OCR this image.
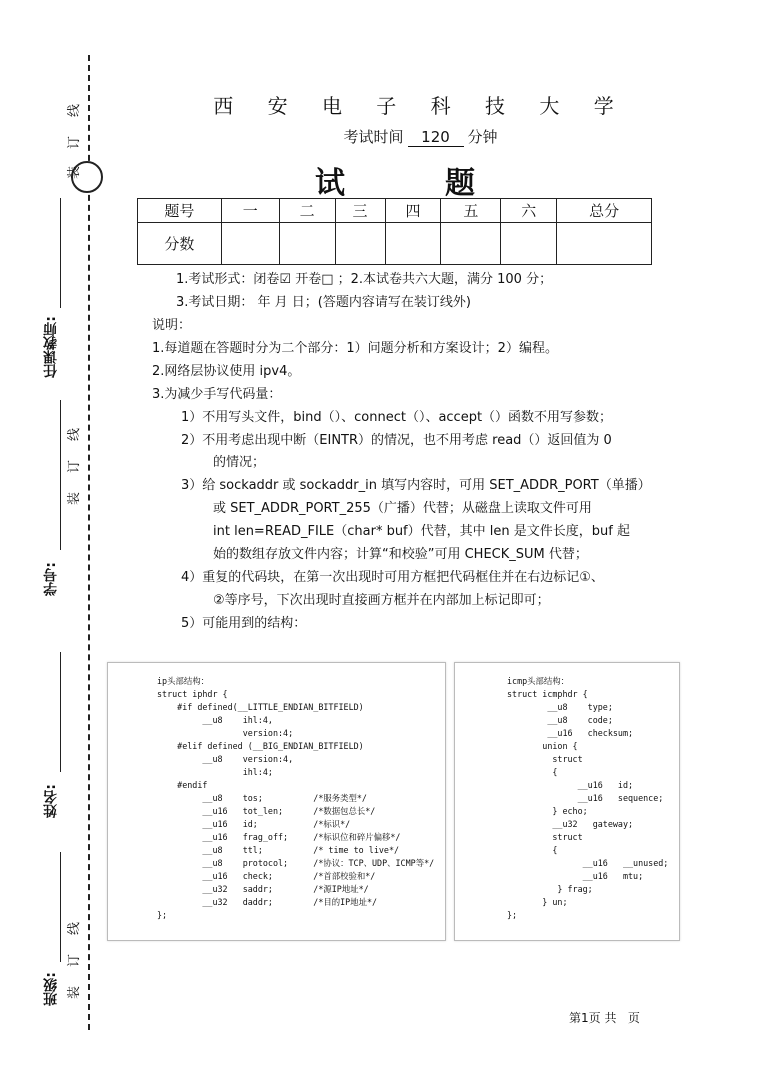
线
订
装
任课教师:
线
订
装
学号:
姓名:
线
订
装
班级:
西 安 电 子 科 技 大 学
考试时间 120 分钟
试	题
题号	一	二	三	四	五	六	总分
分数							
1.考试形式：闭卷☑ 开卷□ ；2.本试卷共六大题，满分 100 分；
3.考试日期： 年 月 日；(答题内容请写在装订线外)
说明：
1.每道题在答题时分为二个部分：1）问题分析和方案设计；2）编程。
2.网络层协议使用 ipv4。
3.为减少手写代码量：
1）不用写头文件，bind（）、connect（）、accept（）函数不用写参数；
2）不用考虑出现中断（EINTR）的情况，也不用考虑 read（）返回值为 0
的情况；
3）给 sockaddr 或 sockaddr_in 填写内容时，可用 SET_ADDR_PORT（单播）
或 SET_ADDR_PORT_255（广播）代替；从磁盘上读取文件可用
int len=READ_FILE（char* buf）代替，其中 len 是文件长度，buf 起
始的数组存放文件内容；计算“和校验”可用 CHECK_SUM 代替；
4）重复的代码块，在第一次出现时可用方框把代码框住并在右边标记①、
②等序号，下次出现时直接画方框并在内部加上标记即可；
5）可能用到的结构：
ip头部结构：
struct iphdr {
#if defined(__LITTLE_ENDIAN_BITFIELD)
__u8    ihl:4,
version:4;
#elif defined (__BIG_ENDIAN_BITFIELD)
__u8    version:4,
ihl:4;
#endif
__u8    tos;          /*服务类型*/
__u16   tot_len;      /*数据包总长*/
__u16   id;           /*标识*/
__u16   frag_off;     /*标识位和碎片偏移*/
__u8    ttl;          /* time to live*/
__u8    protocol;     /*协议：TCP、UDP、ICMP等*/
__u16   check;        /*首部校验和*/
__u32   saddr;        /*源IP地址*/
__u32   daddr;        /*目的IP地址*/
};
icmp头部结构：
struct icmphdr {
__u8    type;
__u8    code;
__u16   checksum;
union {
struct
{
__u16   id;
__u16   sequence;
} echo;
__u32   gateway;
struct
{
__u16   __unused;
__u16   mtu;
} frag;
} un;
};
第1页 共   页
